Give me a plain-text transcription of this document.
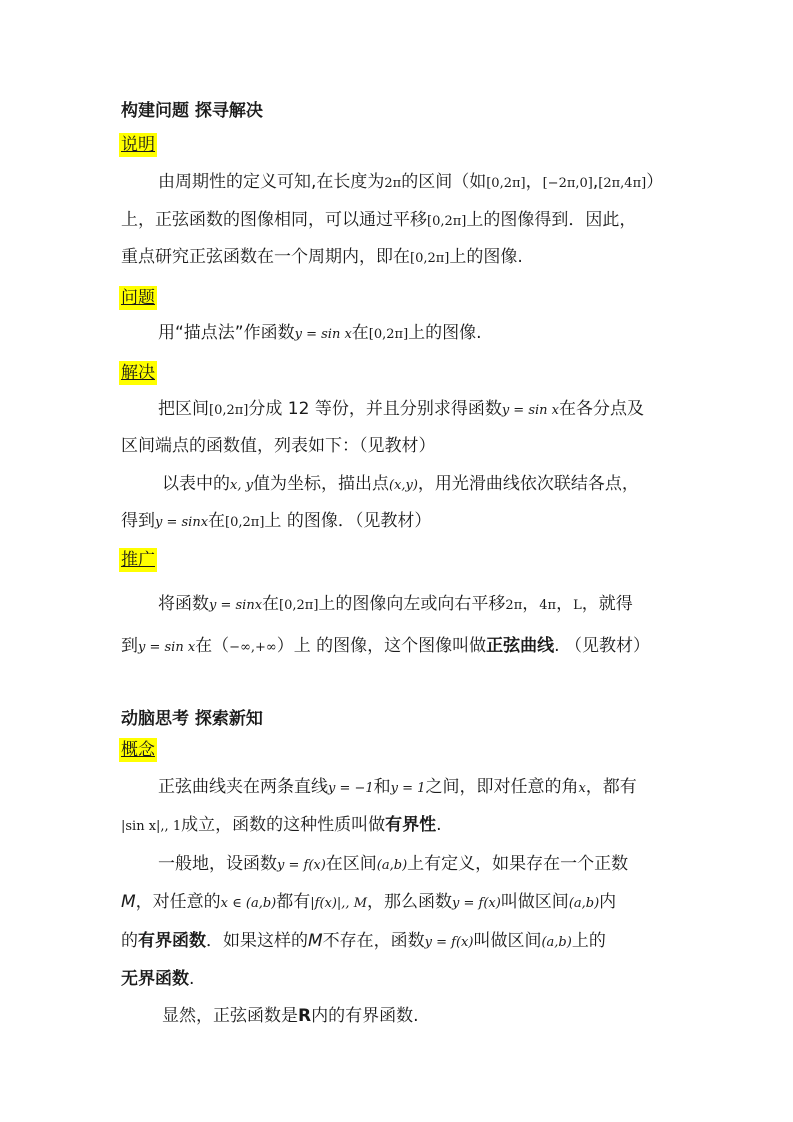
构建问题 探寻解决
说明
由周期性的定义可知,在长度为2π的区间（如[0,2π]，[−2π,0],[2π,4π]）
上，正弦函数的图像相同，可以通过平移[0,2π]上的图像得到．因此，
重点研究正弦函数在一个周期内，即在[0,2π]上的图像.
问题
用“描点法”作函数y = sin x在[0,2π]上的图像.
解决
把区间[0,2π]分成 12 等份，并且分别求得函数y = sin x在各分点及
区间端点的函数值，列表如下：（见教材）
以表中的x, y值为坐标，描出点(x,y)，用光滑曲线依次联结各点，
得到y = sinx在[0,2π]上 的图像．（见教材）
推广
将函数y = sinx在[0,2π]上的图像向左或向右平移2π，4π，L，就得
到y = sin x在（−∞,+∞）上 的图像，这个图像叫做正弦曲线. （见教材）
动脑思考 探索新知
概念
正弦曲线夹在两条直线y = −1和y = 1之间，即对任意的角x，都有
|sin x|,, 1成立，函数的这种性质叫做有界性.
一般地，设函数y = f(x)在区间(a,b)上有定义，如果存在一个正数
M，对任意的x ∈ (a,b)都有|f(x)|,, M，那么函数y = f(x)叫做区间(a,b)内
的有界函数．如果这样的M不存在，函数y = f(x)叫做区间(a,b)上的
无界函数.
显然，正弦函数是R内的有界函数.
